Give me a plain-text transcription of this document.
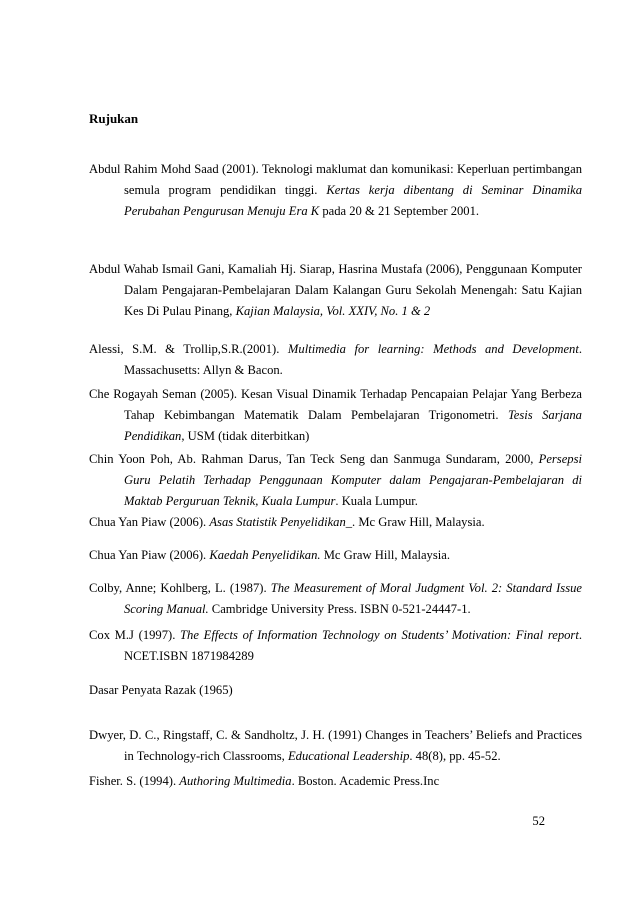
Rujukan

Abdul Rahim Mohd Saad (2001). Teknologi maklumat dan komunikasi: Keperluan pertimbangan semula program pendidikan tinggi. Kertas kerja dibentang di Seminar Dinamika Perubahan Pengurusan Menuju Era K pada 20 & 21 September 2001.

Abdul Wahab Ismail Gani, Kamaliah Hj. Siarap, Hasrina Mustafa (2006), Penggunaan Komputer Dalam Pengajaran-Pembelajaran Dalam Kalangan Guru Sekolah Menengah: Satu Kajian Kes Di Pulau Pinang, Kajian Malaysia, Vol. XXIV, No. 1 & 2

Alessi, S.M. & Trollip,S.R.(2001). Multimedia for learning: Methods and Development. Massachusetts: Allyn & Bacon.

Che Rogayah Seman (2005). Kesan Visual Dinamik Terhadap Pencapaian Pelajar Yang Berbeza Tahap Kebimbangan Matematik Dalam Pembelajaran Trigonometri. Tesis Sarjana Pendidikan, USM (tidak diterbitkan)

Chin Yoon Poh, Ab. Rahman Darus, Tan Teck Seng dan Sanmuga Sundaram, 2000, Persepsi Guru Pelatih Terhadap Penggunaan Komputer dalam Pengajaran-Pembelajaran di Maktab Perguruan Teknik, Kuala Lumpur. Kuala Lumpur.

Chua Yan Piaw (2006). Asas Statistik Penyelidikan_. Mc Graw Hill, Malaysia.

Chua Yan Piaw (2006). Kaedah Penyelidikan. Mc Graw Hill, Malaysia.

Colby, Anne; Kohlberg, L. (1987). The Measurement of Moral Judgment Vol. 2: Standard Issue Scoring Manual. Cambridge University Press. ISBN 0-521-24447-1.

Cox M.J (1997). The Effects of Information Technology on Students’ Motivation: Final report. NCET.ISBN 1871984289

Dasar Penyata Razak (1965)

Dwyer, D. C., Ringstaff, C. & Sandholtz, J. H. (1991) Changes in Teachers’ Beliefs and Practices in Technology-rich Classrooms, Educational Leadership. 48(8), pp. 45-52.

Fisher. S. (1994). Authoring Multimedia. Boston. Academic Press.Inc

52
